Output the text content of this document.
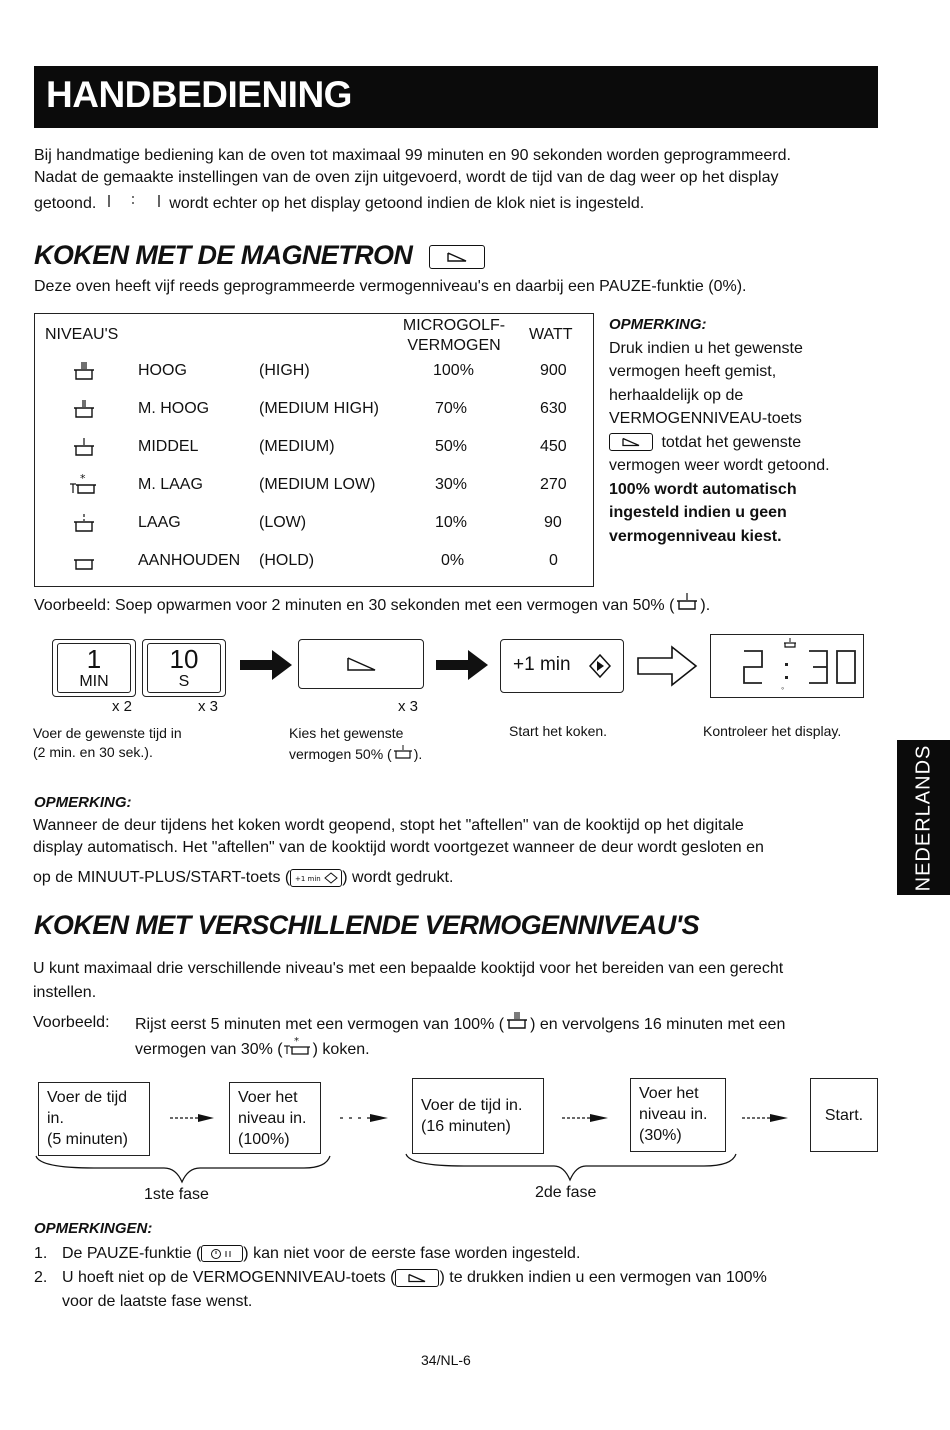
HANDBEDIENING
Bij handmatige bediening kan de oven tot maximaal 99 minuten en 90 sekonden worden geprogrammeerd.
Nadat de gemaakte instellingen van de oven zijn uitgevoerd, wordt de tijd van de dag weer op het display
getoond.	wordt echter op het display getoond indien de klok niet is ingesteld.
KOKEN MET DE MAGNETRON
Deze oven heeft vijf reeds geprogrammeerde vermogenniveau's en daarbij een PAUZE-funktie (0%).
NIVEAU'S
MICROGOLF-
VERMOGEN
WATT
HOOG	(HIGH)	100%	900
M. HOOG	(MEDIUM HIGH)	70%	630
MIDDEL	(MEDIUM)	50%	450
*	M. LAAG	(MEDIUM LOW)	30%	270
LAAG	(LOW)	10%	90
AANHOUDEN (HOLD)	0%	0
OPMERKING:
Druk indien u het gewenste
vermogen heeft gemist,
herhaaldelijk op de
VERMOGENNIVEAU-toets
totdat het gewenste
vermogen weer wordt getoond.
100% wordt automatisch
ingesteld indien u geen
vermogenniveau kiest.
Voorbeeld: Soep opwarmen voor 2 minuten en 30 sekonden met een vermogen van 50% ( ).
1
MIN
10
S
x 2	x 3	x 3
+1 min
◦
Voer de gewenste tijd in
(2 min. en 30 sek.).
Kies het gewenste
vermogen 50% ( ).
Start het koken.	Kontroleer het display.
OPMERKING:
Wanneer de deur tijdens het koken wordt geopend, stopt het "aftellen" van de kooktijd op het digitale
display automatisch. Het "aftellen" van de kooktijd wordt voortgezet wanneer de deur wordt gesloten en
op de MINUUT-PLUS/START-toets ( +1 min ) wordt gedrukt.	NEDERLANDS
KOKEN MET VERSCHILLENDE VERMOGENNIVEAU'S
U kunt maximaal drie verschillende niveau's met een bepaalde kooktijd voor het bereiden van een gerecht
instellen.
Voorbeeld: Rijst eerst 5 minuten met een vermogen van 100% ( ) en vervolgens 16 minuten met een
vermogen van 30% ( * ) koken.
Voer de tijd
in.
(5 minuten)
Voer het
niveau in.
(100%)
Voer de tijd in.
(16 minuten)
Voer het
niveau in.
(30%)
Start.
1ste fase	2de fase
OPMERKINGEN:
1. De PAUZE-funktie (	) kan niet voor de eerste fase worden ingesteld.
2. U hoeft niet op de VERMOGENNIVEAU-toets (	) te drukken indien u een vermogen van 100%
voor de laatste fase wenst.
34/NL-6
